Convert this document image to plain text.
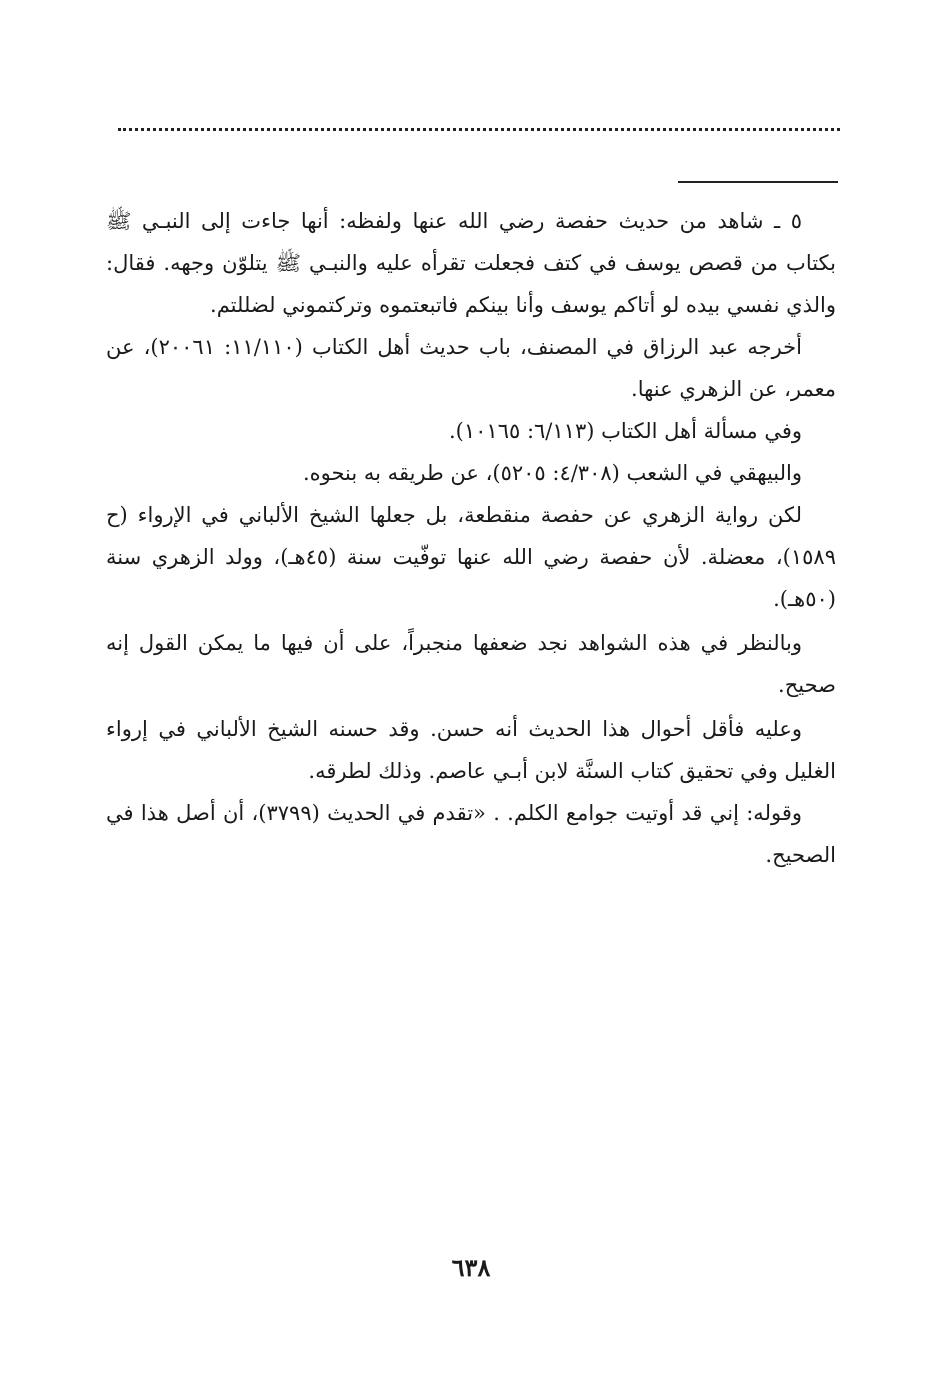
٥ ـ شاهد من حديث حفصة رضي الله عنها ولفظه: أنها جاءت إلى النبـي ﷺ بكتاب من قصص يوسف في كتف فجعلت تقرأه عليه والنبـي ﷺ يتلوّن وجهه. فقال: والذي نفسي بيده لو أتاكم يوسف وأنا بينكم فاتبعتموه وتركتموني لضللتم.

أخرجه عبد الرزاق في المصنف، باب حديث أهل الكتاب (١١/١١٠: ٢٠٠٦١)، عن معمر، عن الزهري عنها.

وفي مسألة أهل الكتاب (٦/١١٣: ١٠١٦٥).

والبيهقي في الشعب (٤/٣٠٨: ٥٢٠٥)، عن طريقه به بنحوه.

لكن رواية الزهري عن حفصة منقطعة، بل جعلها الشيخ الألباني في الإرواء (ح ١٥٨٩)، معضلة. لأن حفصة رضي الله عنها توفّيت سنة (٤٥هـ)، وولد الزهري سنة (٥٠هـ).

وبالنظر في هذه الشواهد نجد ضعفها منجبراً، على أن فيها ما يمكن القول إنه صحيح.

وعليه فأقل أحوال هذا الحديث أنه حسن. وقد حسنه الشيخ الألباني في إرواء الغليل وفي تحقيق كتاب السنَّة لابن أبـي عاصم. وذلك لطرقه.

وقوله: إني قد أوتيت جوامع الكلم. . «تقدم في الحديث (٣٧٩٩)، أن أصل هذا في الصحيح.

٦٣٨
